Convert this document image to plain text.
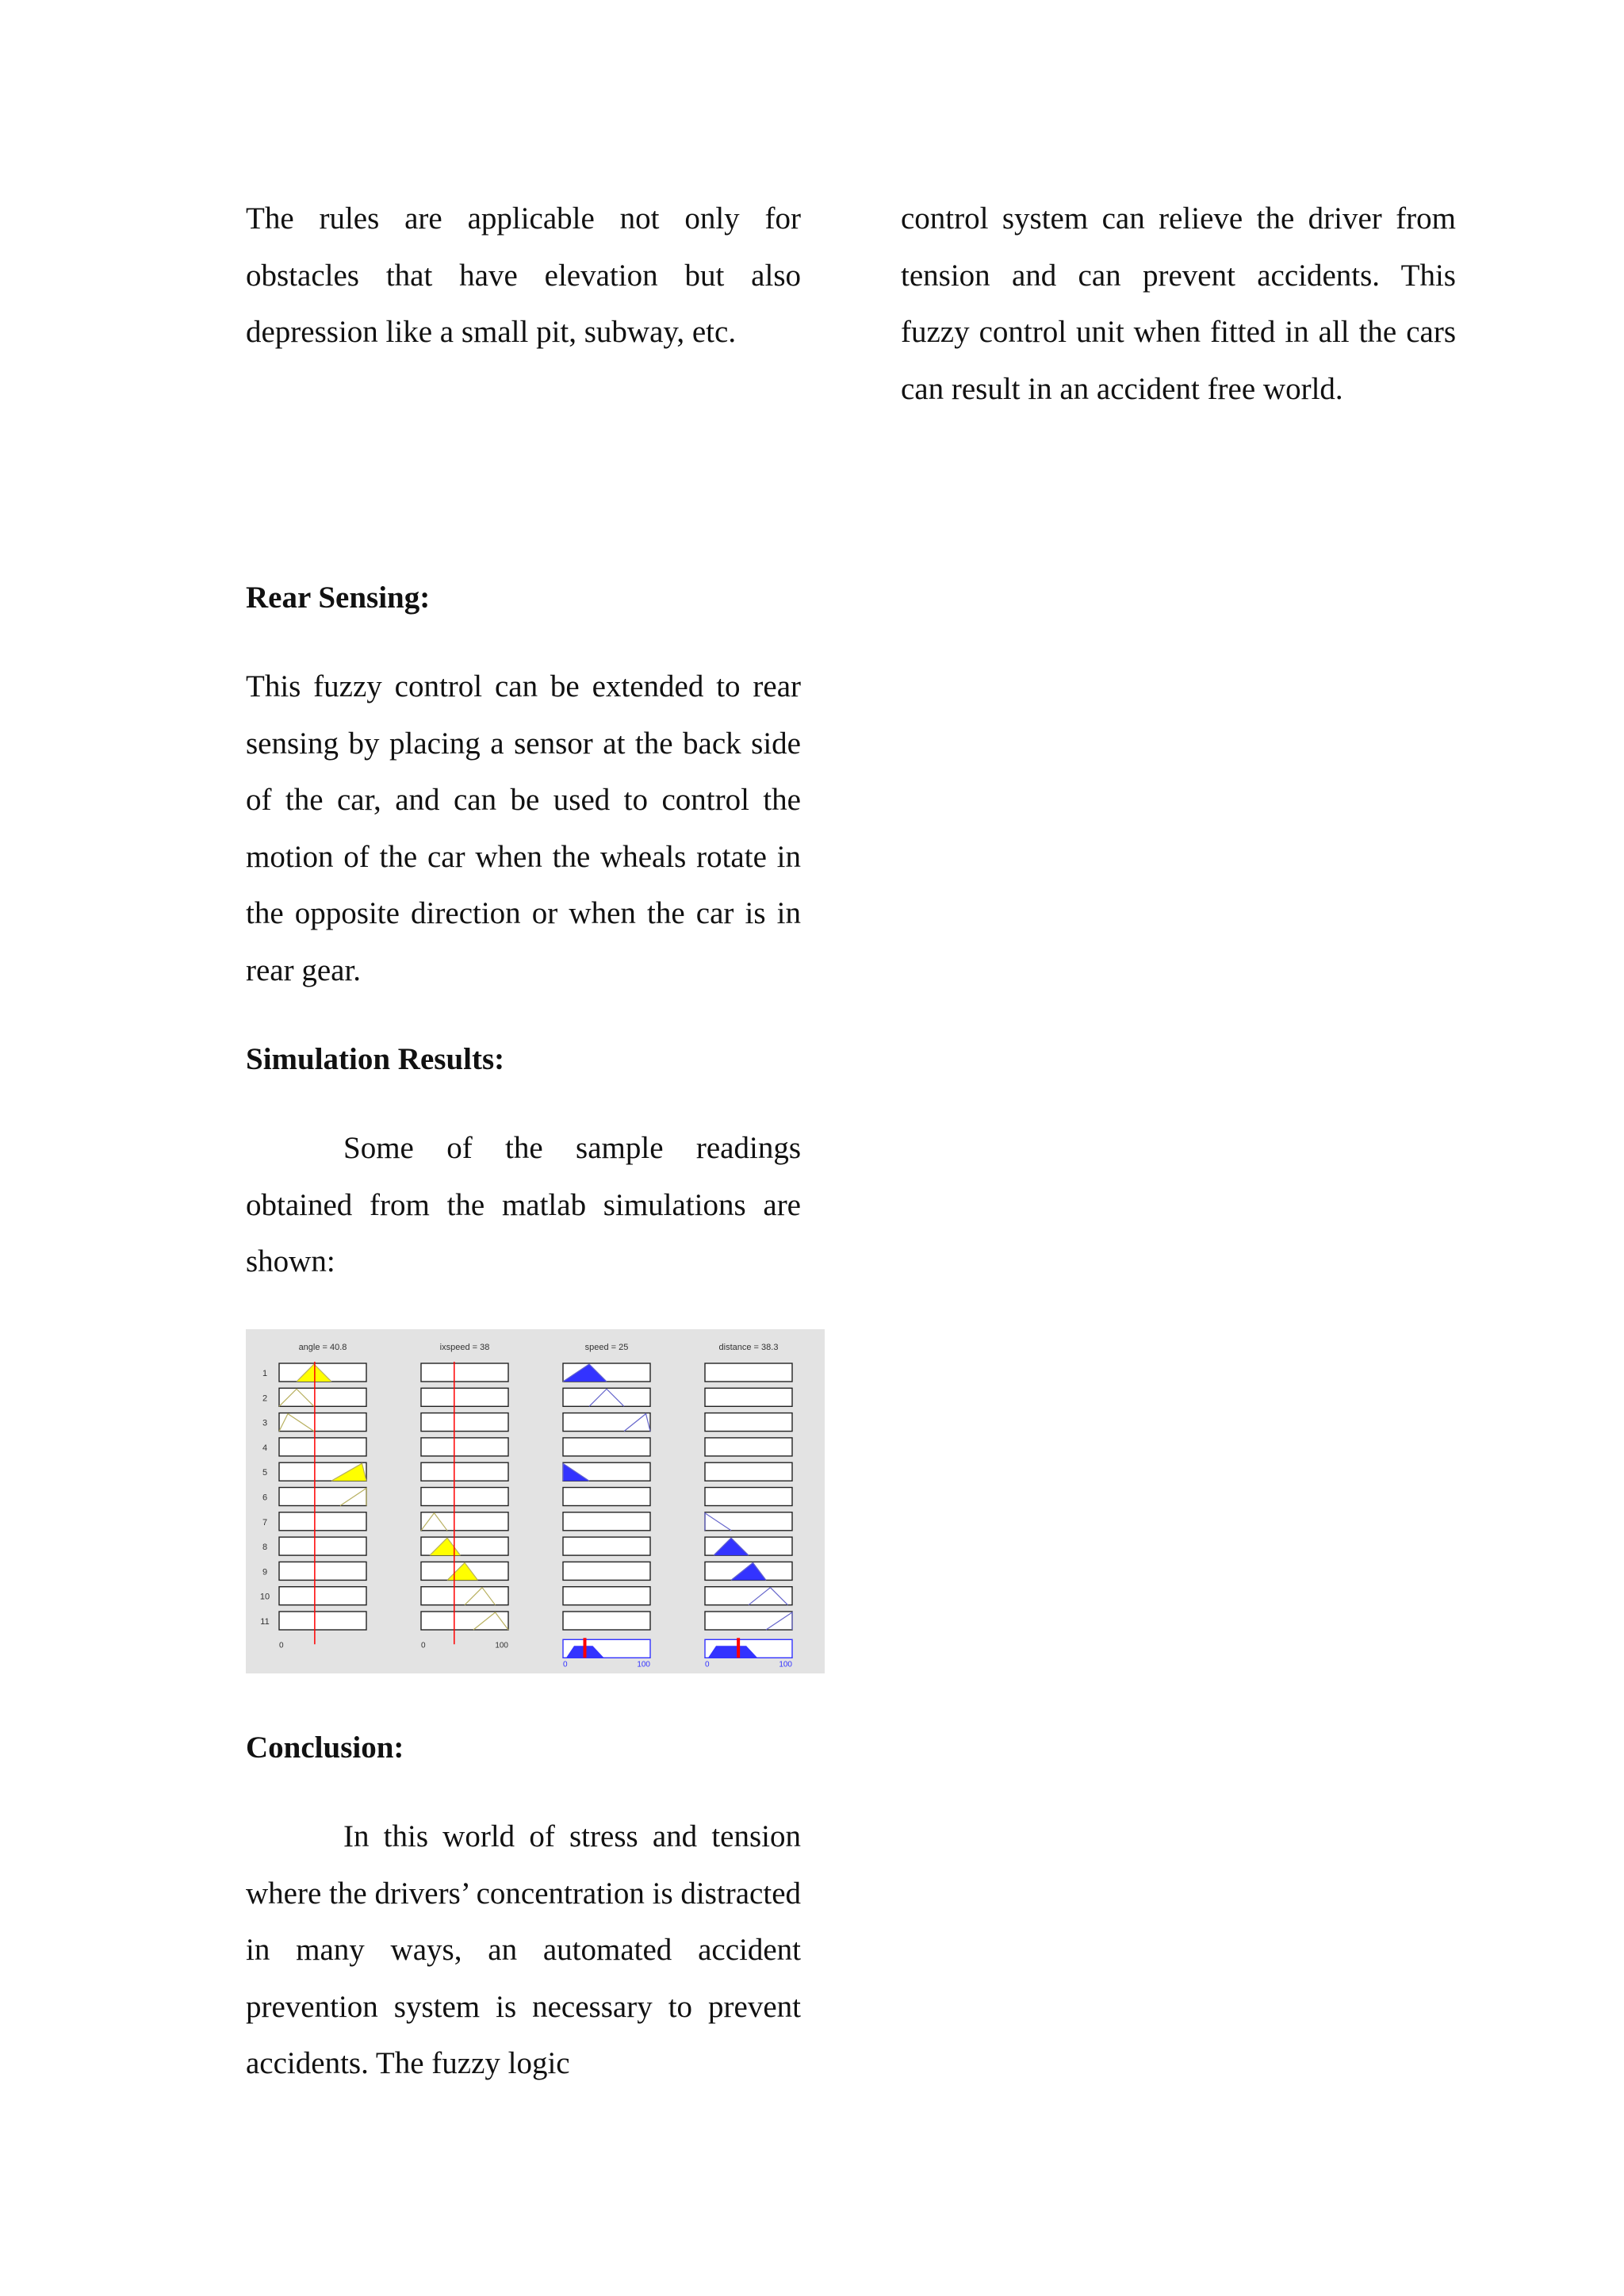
The rules are applicable not only for obstacles that have elevation but also depression like a small pit, subway, etc.

Rear Sensing:

This fuzzy control can be extended to rear sensing by placing a sensor at the back side of the car, and can be used to control the motion of the car when the wheals rotate in the opposite direction or when the car is in rear gear.

Simulation Results:

Some of the sample readings obtained from the matlab simulations are shown:

Conclusion:

In this world of stress and tension where the drivers’ concentration is distracted in many ways, an automated accident prevention system is necessary to prevent accidents. The fuzzy logic

control system can relieve the driver from tension and can prevent accidents. This fuzzy control unit when fitted in all the cars can result in an accident free world.

angle = 40.8
1
2
3
4
5
6
7
8
9
10
11
0
ixspeed = 38
0	100
speed = 25
0	100
distance = 38.3
0	100
